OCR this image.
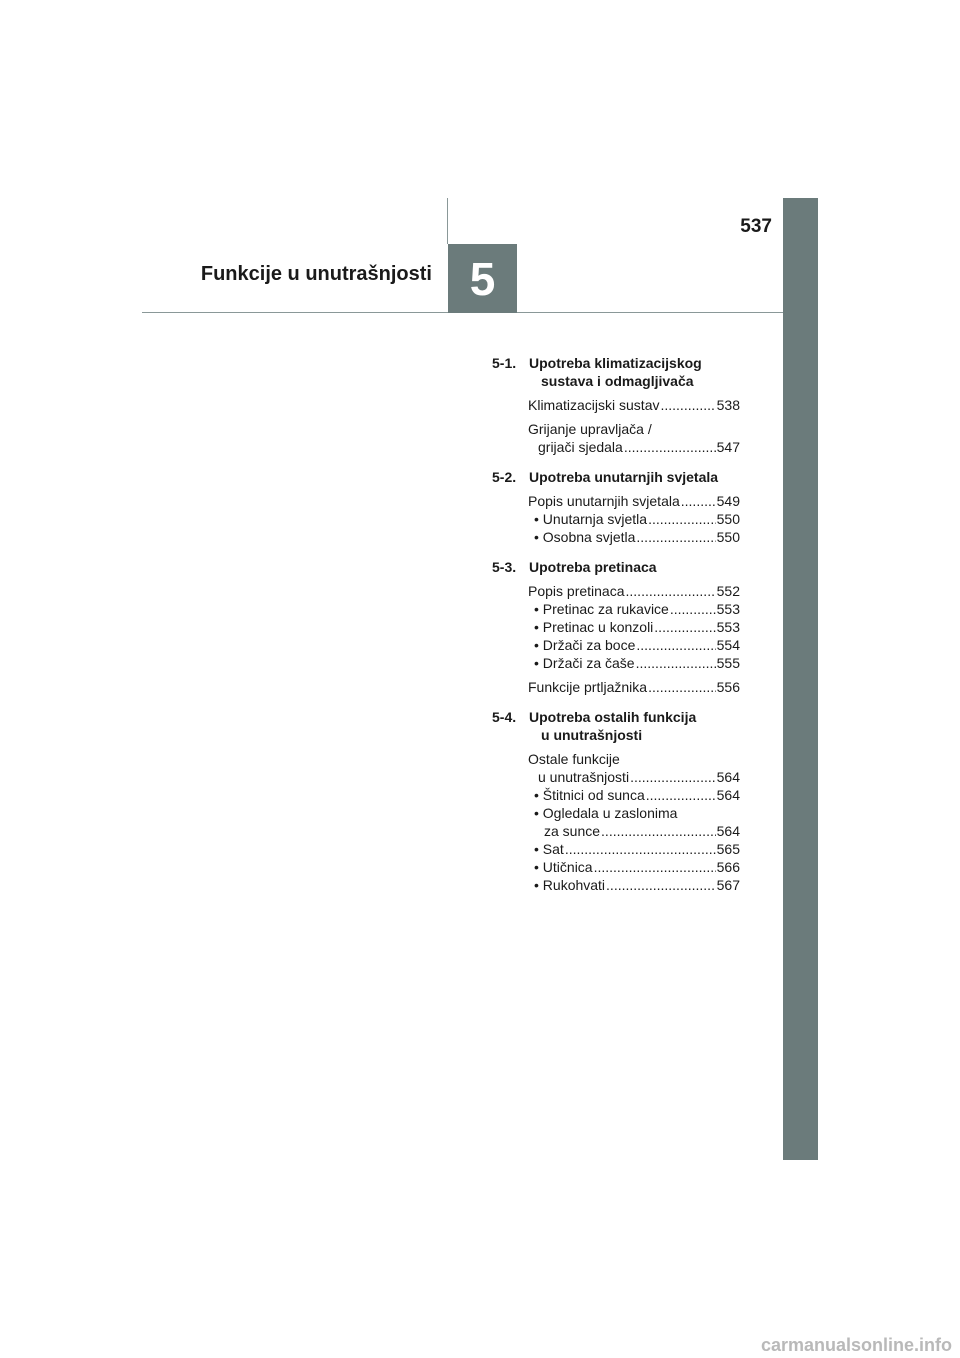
537
Funkcije u unutrašnjosti 5
5-1. Upotreba klimatizacijskog
sustava i odmagljivača
Klimatizacijski sustav .....	538
Grijanje upravljača /
grijači sjedala .....	547
5-2. Upotreba unutarnjih svjetala
Popis unutarnjih svjetala .....	549
• Unutarnja svjetla .....	550
• Osobna svjetla .....	550
5-3. Upotreba pretinaca
Popis pretinaca .....	552
• Pretinac za rukavice .....	553
• Pretinac u konzoli .....	553
• Držači za boce .....	554
• Držači za čaše .....	555
Funkcije prtljažnika .....	556
5-4. Upotreba ostalih funkcija
u unutrašnjosti
Ostale funkcije
u unutrašnjosti .....	564
• Štitnici od sunca .....	564
• Ogledala u zaslonima
za sunce .....	564
• Sat .....	565
• Utičnica .....	566
• Rukohvati .....	567
carmanualsonline.info
